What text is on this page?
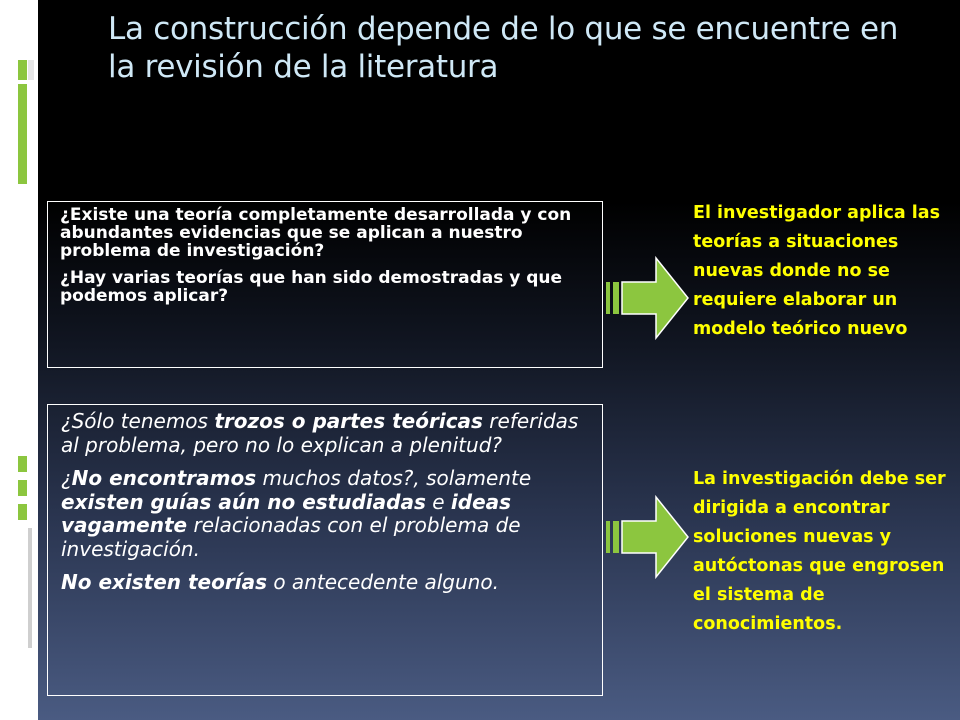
La construcción depende de lo que se encuentre en la revisión de la literatura

¿Existe una teoría completamente desarrollada y con abundantes evidencias que se aplican a nuestro problema de investigación?

¿Hay varias teorías que han sido demostradas y que podemos aplicar?

¿Sólo tenemos trozos o partes teóricas referidas al problema, pero no lo explican a plenitud?

¿No encontramos muchos datos?, solamente existen guías aún no estudiadas e ideas vagamente relacionadas con el problema de investigación.

No existen teorías o antecedente alguno.

El investigador aplica las teorías a situaciones nuevas donde no se requiere elaborar un modelo teórico nuevo

La investigación debe ser dirigida a encontrar soluciones nuevas y autóctonas que engrosen el sistema de conocimientos.
